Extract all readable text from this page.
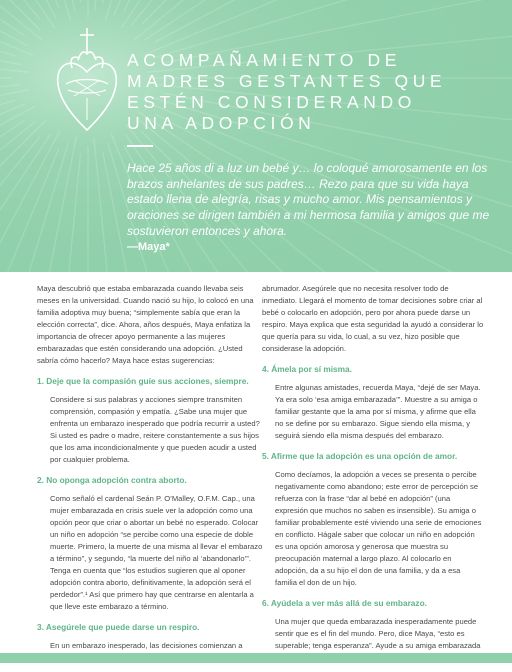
ACOMPAÑAMIENTO DE
MADRES GESTANTES QUE
ESTÉN CONSIDERANDO
UNA ADOPCIÓN

Hace 25 años di a luz un bebé y… lo coloqué amorosamente en los brazos anhelantes de sus padres… Rezo para que su vida haya estado llena de alegría, risas y mucho amor. Mis pensamientos y oraciones se dirigen también a mi hermosa familia y amigos que me sostuvieron entonces y ahora.

—Maya*

Maya descubrió que estaba embarazada cuando llevaba seis meses en la universidad. Cuando nació su hijo, lo colocó en una familia adoptiva muy buena; “simplemente sabía que eran la elección correcta”, dice. Ahora, años después, Maya enfatiza la importancia de ofrecer apoyo permanente a las mujeres embarazadas que estén considerando una adopción. ¿Usted sabría cómo hacerlo? Maya hace estas sugerencias:

1. Deje que la compasión guíe sus acciones, siempre.

Considere si sus palabras y acciones siempre transmiten comprensión, compasión y empatía. ¿Sabe una mujer que enfrenta un embarazo inesperado que podría recurrir a usted? Si usted es padre o madre, reitere constantemente a sus hijos que los ama incondicionalmente y que pueden acudir a usted por cualquier problema.

2. No oponga adopción contra aborto.

Como señaló el cardenal Seán P. O’Malley, O.F.M. Cap., una mujer embarazada en crisis suele ver la adopción como una opción peor que criar o abortar un bebé no esperado. Colocar un niño en adopción “se percibe como una especie de doble muerte. Primero, la muerte de una misma al llevar el embarazo a término”, y segundo, “la muerte del niño al ‘abandonarlo’”. Tenga en cuenta que “los estudios sugieren que al oponer adopción contra aborto, definitivamente, la adopción será el perdedor”.¹ Así que primero hay que centrarse en alentarla a que lleve este embarazo a término.

3. Asegúrele que puede darse un respiro.

En un embarazo inesperado, las decisiones comienzan a

abrumador. Asegúrele que no necesita resolver todo de inmediato. Llegará el momento de tomar decisiones sobre criar al bebé o colocarlo en adopción, pero por ahora puede darse un respiro. Maya explica que esta seguridad la ayudó a considerar lo que quería para su vida, lo cual, a su vez, hizo posible que considerase la adopción.

4. Ámela por sí misma.

Entre algunas amistades, recuerda Maya, “dejé de ser Maya. Ya era solo ‘esa amiga embarazada’”. Muestre a su amiga o familiar gestante que la ama por sí misma, y afirme que ella no se define por su embarazo. Sigue siendo ella misma, y seguirá siendo ella misma después del embarazo.

5. Afirme que la adopción es una opción de amor.

Como decíamos, la adopción a veces se presenta o percibe negativamente como abandono; este error de percepción se refuerza con la frase “dar al bebé en adopción” (una expresión que muchos no saben es insensible). Su amiga o familiar probablemente esté viviendo una serie de emociones en conflicto. Hágale saber que colocar un niño en adopción es una opción amorosa y generosa que muestra su preocupación maternal a largo plazo. Al colocarlo en adopción, da a su hijo el don de una familia, y da a esa familia el don de un hijo.

6. Ayúdela a ver más allá de su embarazo.

Una mujer que queda embarazada inesperadamente puede sentir que es el fin del mundo. Pero, dice Maya, “esto es superable; tenga esperanza”. Ayude a su amiga embarazada
